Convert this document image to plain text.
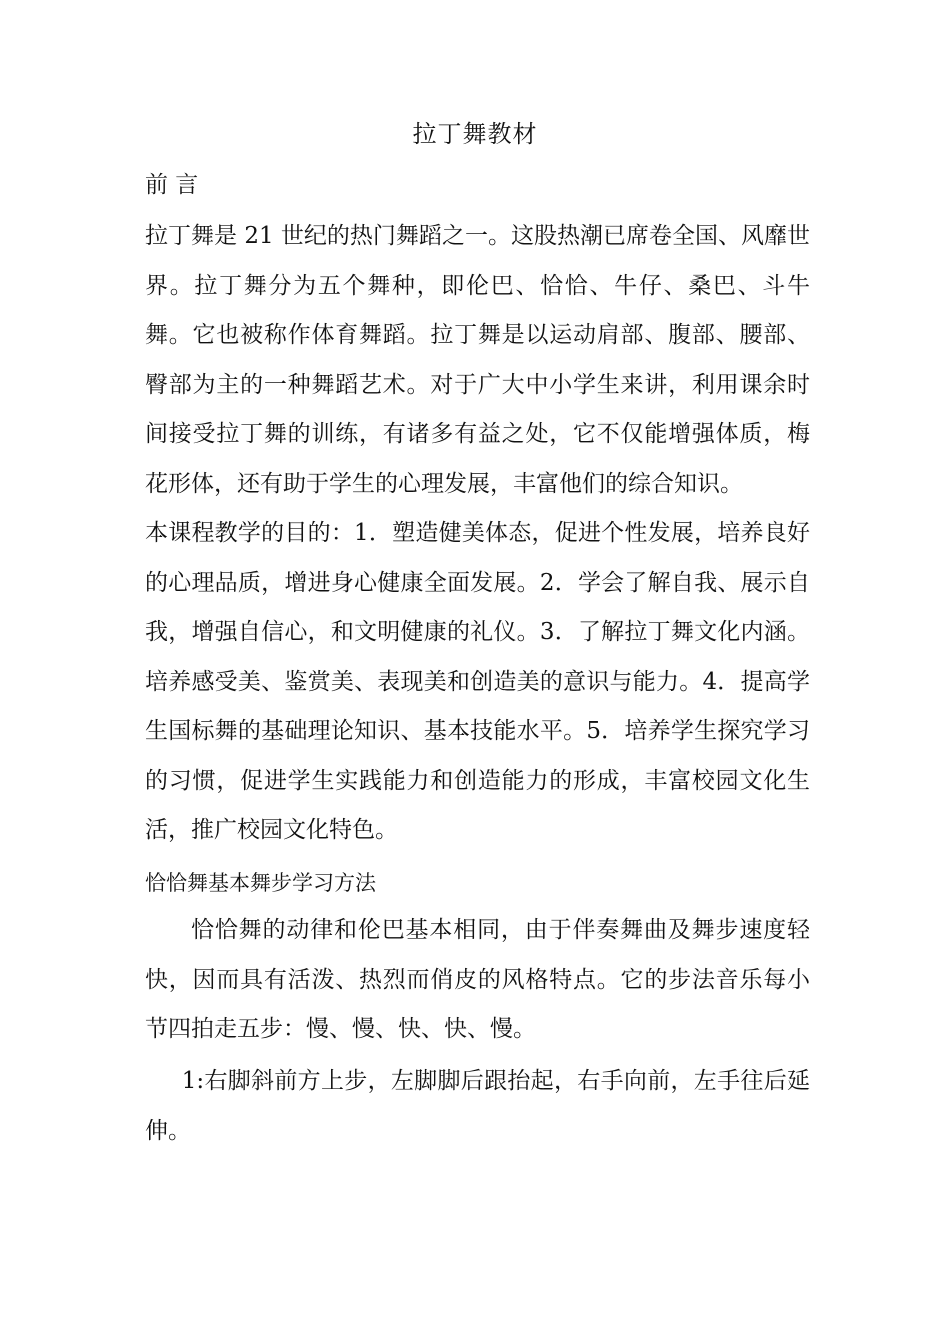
拉丁舞教材
前 言

拉丁舞是 21 世纪的热门舞蹈之一。这股热潮已席卷全国、风靡世界。拉丁舞分为五个舞种，即伦巴、恰恰、牛仔、桑巴、斗牛舞。它也被称作体育舞蹈。拉丁舞是以运动肩部、腹部、腰部、臀部为主的一种舞蹈艺术。对于广大中小学生来讲，利用课余时间接受拉丁舞的训练，有诸多有益之处，它不仅能增强体质，梅花形体，还有助于学生的心理发展，丰富他们的综合知识。

本课程教学的目的：1．塑造健美体态，促进个性发展，培养良好的心理品质，增进身心健康全面发展。2．学会了解自我、展示自我，增强自信心，和文明健康的礼仪。3．了解拉丁舞文化内涵。培养感受美、鉴赏美、表现美和创造美的意识与能力。4．提高学生国标舞的基础理论知识、基本技能水平。5．培养学生探究学习的习惯，促进学生实践能力和创造能力的形成，丰富校园文化生活，推广校园文化特色。

恰恰舞基本舞步学习方法

恰恰舞的动律和伦巴基本相同，由于伴奏舞曲及舞步速度轻快，因而具有活泼、热烈而俏皮的风格特点。它的步法音乐每小节四拍走五步：慢、慢、快、快、慢。

1:右脚斜前方上步，左脚脚后跟抬起，右手向前，左手往后延伸。
